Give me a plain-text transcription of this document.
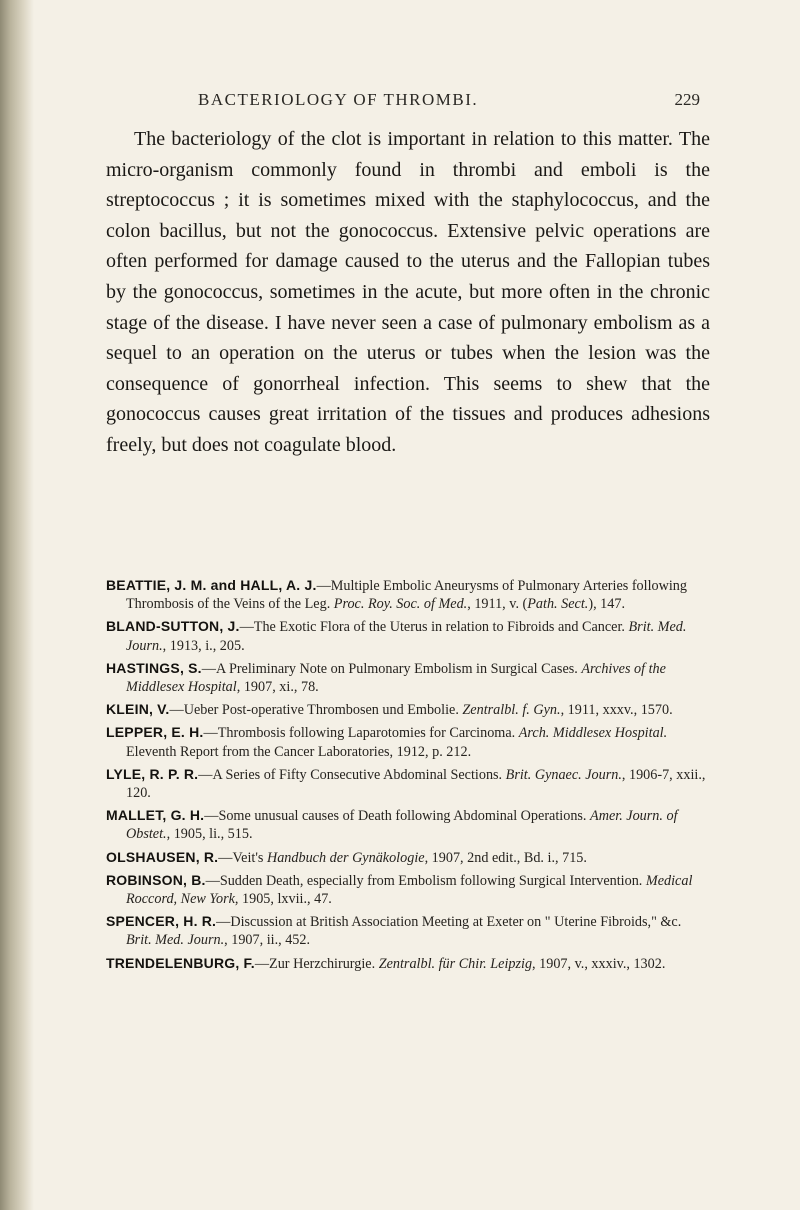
BACTERIOLOGY OF THROMBI.	229

The bacteriology of the clot is important in relation to this matter. The micro-organism commonly found in thrombi and emboli is the streptococcus ; it is sometimes mixed with the staphylococcus, and the colon bacillus, but not the gonococcus. Extensive pelvic operations are often performed for damage caused to the uterus and the Fallopian tubes by the gonococcus, sometimes in the acute, but more often in the chronic stage of the disease. I have never seen a case of pulmonary embolism as a sequel to an operation on the uterus or tubes when the lesion was the consequence of gonorrheal infection. This seems to shew that the gonococcus causes great irritation of the tissues and produces adhesions freely, but does not coagulate blood.

BEATTIE, J. M. and HALL, A. J.—Multiple Embolic Aneurysms of Pulmonary Arteries following Thrombosis of the Veins of the Leg. Proc. Roy. Soc. of Med., 1911, v. (Path. Sect.), 147.

BLAND-SUTTON, J.—The Exotic Flora of the Uterus in relation to Fibroids and Cancer. Brit. Med. Journ., 1913, i., 205.

HASTINGS, S.—A Preliminary Note on Pulmonary Embolism in Surgical Cases. Archives of the Middlesex Hospital, 1907, xi., 78.

KLEIN, V.—Ueber Post-operative Thrombosen und Embolie. Zentralbl. f. Gyn., 1911, xxxv., 1570.

LEPPER, E. H.—Thrombosis following Laparotomies for Carcinoma. Arch. Middlesex Hospital. Eleventh Report from the Cancer Laboratories, 1912, p. 212.

LYLE, R. P. R.—A Series of Fifty Consecutive Abdominal Sections. Brit. Gynaec. Journ., 1906-7, xxii., 120.

MALLET, G. H.—Some unusual causes of Death following Abdominal Operations. Amer. Journ. of Obstet., 1905, li., 515.

OLSHAUSEN, R.—Veit's Handbuch der Gynäkologie, 1907, 2nd edit., Bd. i., 715.

ROBINSON, B.—Sudden Death, especially from Embolism following Surgical Intervention. Medical Roccord, New York, 1905, lxvii., 47.

SPENCER, H. R.—Discussion at British Association Meeting at Exeter on " Uterine Fibroids," &c. Brit. Med. Journ., 1907, ii., 452.

TRENDELENBURG, F.—Zur Herzchirurgie. Zentralbl. für Chir. Leipzig, 1907, v., xxxiv., 1302.
